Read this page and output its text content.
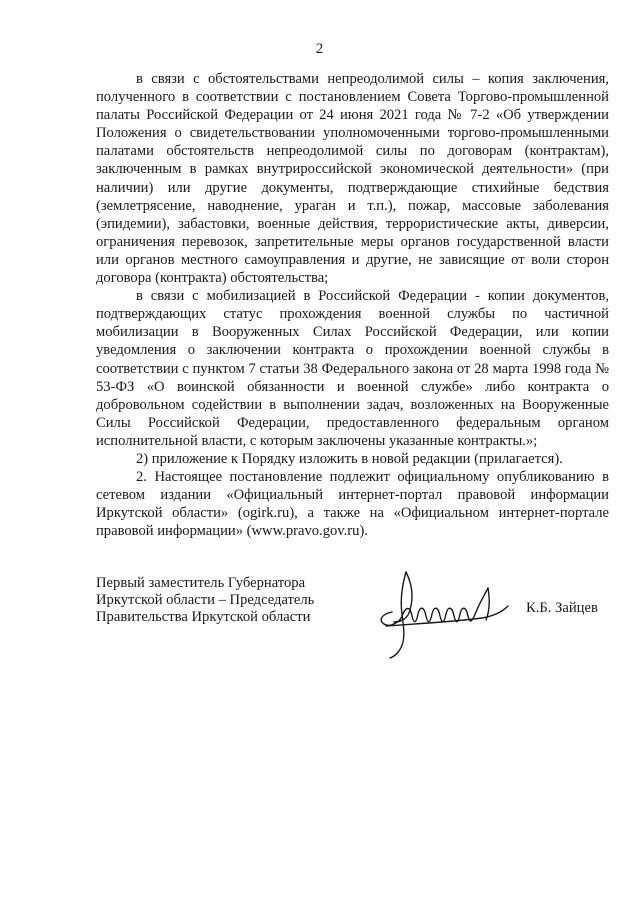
2

в связи с обстоятельствами непреодолимой силы – копия заключения, полученного в соответствии с постановлением Совета Торгово-промышленной палаты Российской Федерации от 24 июня 2021 года № 7-2 «Об утверждении Положения о свидетельствовании уполномоченными торгово-промышленными палатами обстоятельств непреодолимой силы по договорам (контрактам), заключенным в рамках внутрироссийской экономической деятельности» (при наличии) или другие документы, подтверждающие стихийные бедствия (землетрясение, наводнение, ураган и т.п.), пожар, массовые заболевания (эпидемии), забастовки, военные действия, террористические акты, диверсии, ограничения перевозок, запретительные меры органов государственной власти или органов местного самоуправления и другие, не зависящие от воли сторон договора (контракта) обстоятельства;

в связи с мобилизацией в Российской Федерации - копии документов, подтверждающих статус прохождения военной службы по частичной мобилизации в Вооруженных Силах Российской Федерации, или копии уведомления о заключении контракта о прохождении военной службы в соответствии с пунктом 7 статьи 38 Федерального закона от 28 марта 1998 года № 53-ФЗ «О воинской обязанности и военной службе» либо контракта о добровольном содействии в выполнении задач, возложенных на Вооруженные Силы Российской Федерации, предоставленного федеральным органом исполнительной власти, с которым заключены указанные контракты.»;

2) приложение к Порядку изложить в новой редакции (прилагается).

2. Настоящее постановление подлежит официальному опубликованию в сетевом издании «Официальный интернет-портал правовой информации Иркутской области» (ogirk.ru), а также на «Официальном интернет-портале правовой информации» (www.pravo.gov.ru).

Первый заместитель Губернатора
Иркутской области – Председатель
Правительства Иркутской области
К.Б. Зайцев
